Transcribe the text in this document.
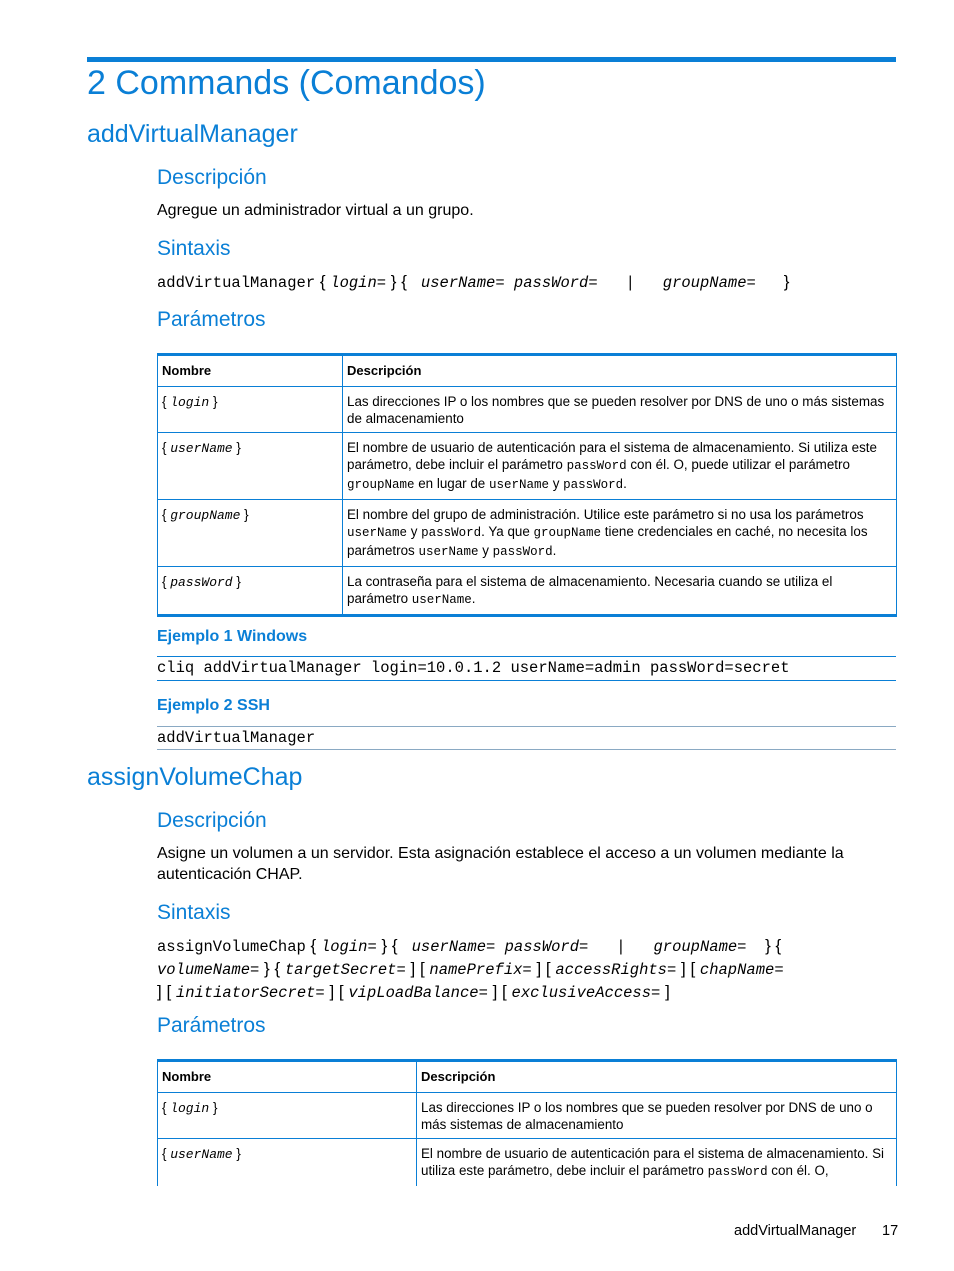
2 Commands (Comandos)
addVirtualManager
Descripción

Agregue un administrador virtual a un grupo.

Sintaxis

addVirtualManager { login= } {  userName= passWord= | groupName= }

Parámetros
Nombre	Descripción
{ login }	Las direcciones IP o los nombres que se pueden resolver por DNS de uno o más sistemas de almacenamiento
{ userName }	El nombre de usuario de autenticación para el sistema de almacenamiento. Si utiliza este parámetro, debe incluir el parámetro passWord con él. O, puede utilizar el parámetro groupName en lugar de userName y passWord.
{ groupName }	El nombre del grupo de administración. Utilice este parámetro si no usa los parámetros userName y passWord. Ya que groupName tiene credenciales en caché, no necesita los parámetros userName y passWord.
{ passWord }	La contraseña para el sistema de almacenamiento. Necesaria cuando se utiliza el parámetro userName.

Ejemplo 1 Windows

cliq addVirtualManager login=10.0.1.2 userName=admin passWord=secret

Ejemplo 2 SSH

addVirtualManager
assignVolumeChap
Descripción

Asigne un volumen a un servidor. Esta asignación establece el acceso a un volumen mediante la autenticación CHAP.

Sintaxis

assignVolumeChap { login= } {  userName= passWord=   |   groupName= } {
volumeName= } { targetSecret= ] [ namePrefix= ] [ accessRights= ] [ chapName=
] [ initiatorSecret= ] [ vipLoadBalance= ] [ exclusiveAccess= ]

Parámetros
Nombre	Descripción
{ login }	Las direcciones IP o los nombres que se pueden resolver por DNS de uno o más sistemas de almacenamiento
{ userName }	El nombre de usuario de autenticación para el sistema de almacenamiento. Si utiliza este parámetro, debe incluir el parámetro passWord con él. O,
addVirtualManager 17
